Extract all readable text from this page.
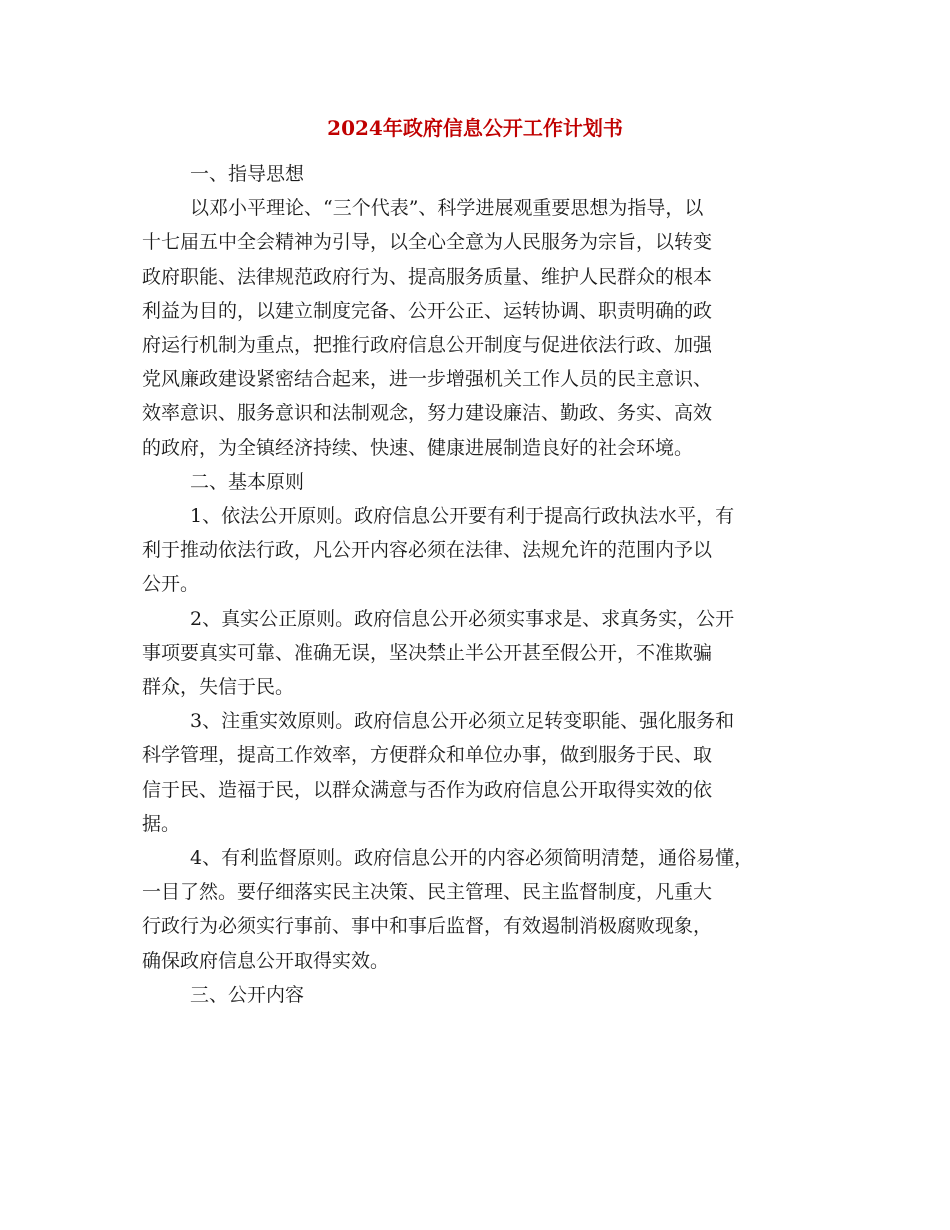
2024年政府信息公开工作计划书

一、指导思想

以邓小平理论、“三个代表”、科学进展观重要思想为指导，以
十七届五中全会精神为引导，以全心全意为人民服务为宗旨，以转变
政府职能、法律规范政府行为、提高服务质量、维护人民群众的根本
利益为目的，以建立制度完备、公开公正、运转协调、职责明确的政
府运行机制为重点，把推行政府信息公开制度与促进依法行政、加强
党风廉政建设紧密结合起来，进一步增强机关工作人员的民主意识、
效率意识、服务意识和法制观念，努力建设廉洁、勤政、务实、高效
的政府，为全镇经济持续、快速、健康进展制造良好的社会环境。

二、基本原则

1、依法公开原则。政府信息公开要有利于提高行政执法水平，有
利于推动依法行政，凡公开内容必须在法律、法规允许的范围内予以
公开。

2、真实公正原则。政府信息公开必须实事求是、求真务实，公开
事项要真实可靠、准确无误，坚决禁止半公开甚至假公开，不准欺骗
群众，失信于民。

3、注重实效原则。政府信息公开必须立足转变职能、强化服务和
科学管理，提高工作效率，方便群众和单位办事，做到服务于民、取
信于民、造福于民，以群众满意与否作为政府信息公开取得实效的依
据。

4、有利监督原则。政府信息公开的内容必须简明清楚，通俗易懂，
一目了然。要仔细落实民主决策、民主管理、民主监督制度，凡重大
行政行为必须实行事前、事中和事后监督，有效遏制消极腐败现象，
确保政府信息公开取得实效。

三、公开内容
